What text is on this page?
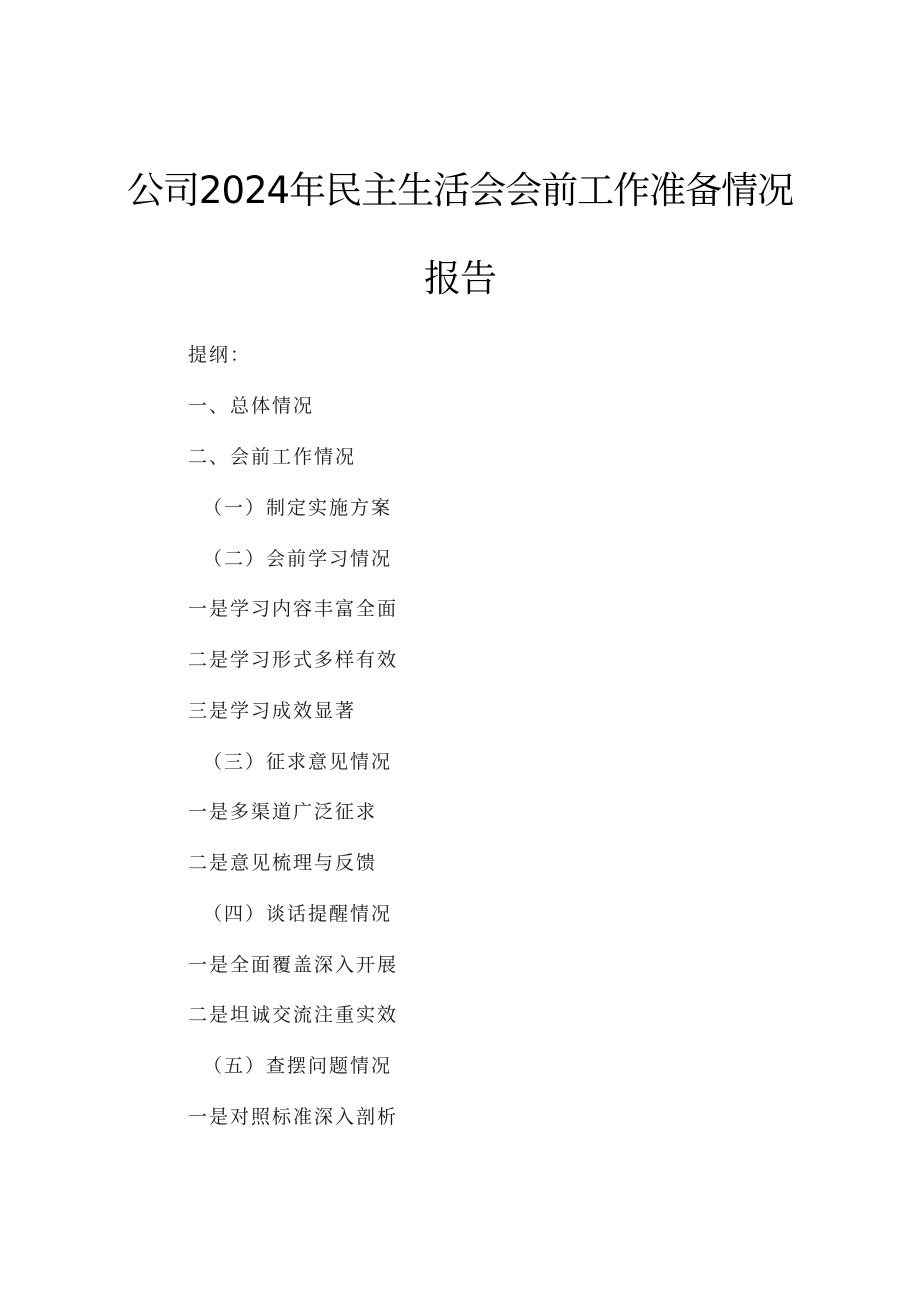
公司2024年民主生活会会前工作准备情况
报告
提纲：
一、总体情况
二、会前工作情况
（一）制定实施方案
（二）会前学习情况
一是学习内容丰富全面
二是学习形式多样有效
三是学习成效显著
（三）征求意见情况
一是多渠道广泛征求
二是意见梳理与反馈
（四）谈话提醒情况
一是全面覆盖深入开展
二是坦诚交流注重实效
（五）查摆问题情况
一是对照标准深入剖析
